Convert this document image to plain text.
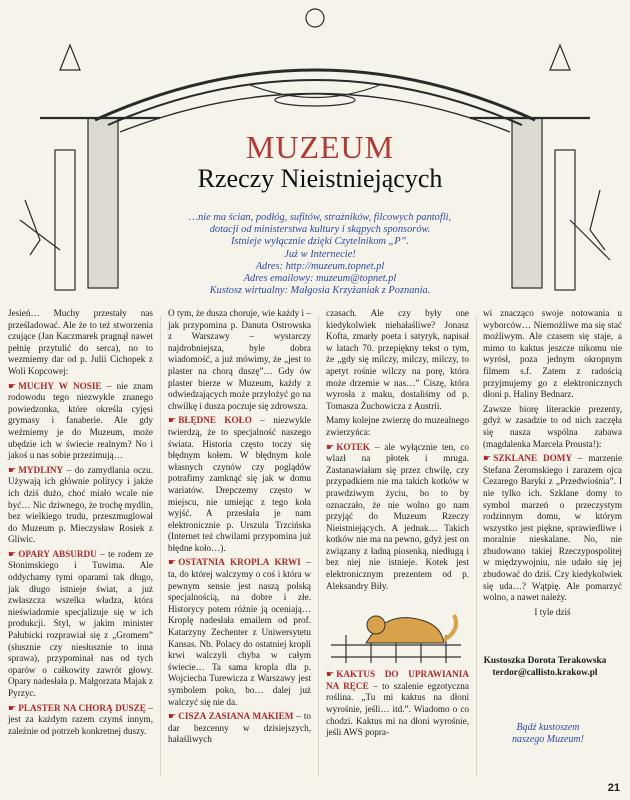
MUZEUM
Rzeczy Nieistniejących
…nie ma ścian, podłóg, sufitów, strażników, filcowych pantofli,
dotacji od ministerstwa kultury i skąpych sponsorów.
Istnieje wyłącznie dzięki Czytelnikom „P”.
Już w Internecie!
Adres: http://muzeum.topnet.pl
Adres emailowy: muzeum@topnet.pl
Kustosz wirtualny: Małgosia Krzyżaniak z Poznania.

Jesień… Muchy przestały nas prześladować. Ale że to też stworzenia czujące (Jan Kaczmarek pragnął nawet pełnię przytulić do serca), no to wezmiemy dar od p. Julii Cichopek z Woli Kopcowej:

☛ MUCHY W NOSIE – nie znam rodowodu tego niezwykle znanego powiedzonka, które określa cyjęsi grymasy i fanaberie. Ale gdy weźmiemy je do Muzeum, może ubędzie ich w świecie realnym? No i jakoś u nas sobie przezimują…

☛ MYDLINY – do zamydlania oczu. Używają ich głównie politycy i jakże ich dziś dużo, choć miało wcale nie być… Nic dziwnego, że trochę mydlin, bez wielkiego trudu, przeszmuglował do Muzeum p. Mieczysław Rosiek z Gliwic.

☛ OPARY ABSURDU – te rodem ze Słonimskiego i Tuwima. Ale oddychamy tymi oparami tak długo, jak długo istnieje świat, a już zwłaszcza wszelka władza, która nieświadomie specjalizuje się w ich produkcji. Styl, w jakim minister Pałubicki rozprawiał się z „Gromem” (słusznie czy niesłusznie to inna sprawa), przypominał nas od tych oparów o całkowity zawrót głowy. Opary nadesłała p. Małgorzata Majak z Pyrzyc.

☛ PLASTER NA CHORĄ DUSZĘ – jest za każdym razem czymś innym, zależnie od potrzeb konkretnej duszy.

O tym, że dusza choruje, wie każdy i – jak przypomina p. Danuta Ostrowska z Warszawy – wystarczy najdrobniejsza, byle dobra wiadomość, a już mówimy, że „jest to plaster na chorą duszę”… Gdy ów plaster bierze w Muzeum, każdy z odwiedzających może przyłożyć go na chwilkę i dusza poczuje się zdrowsza.

☛ BŁĘDNE KOŁO – niezwykle twierdzą, że to specjalność naszego świata. Historia często toczy się błędnym kołem. W błędnym kole własnych czynów czy poglądów potrafimy zamknąć się jak w domu wariatów. Drepczemy często w miejscu, nie umiejąc z tego koła wyjść. A przesłała je nam elektronicznie p. Urszula Trzcińska (Internet też chwilami przypomina już błędne koło…).

☛ OSTATNIA KROPLA KRWI – ta, do której walczymy o coś i która w pewnym sensie jest naszą polską specjalnością, na dobre i złe. Historycy potem różnie ją oceniają… Kroplę nadesłała emailem od prof. Katarzyny Zechenter z Uniwersytetu Kansas. Nb. Polacy do ostatniej kropli krwi walczyli chyba w całym świecie… Ta sama kropla dla p. Wojciecha Turewicza z Warszawy jest symbolem poko, bo… dalej już walczyć się nie da.

☛ CISZA ZASIANA MAKIEM – to dar bezcenny w dzisiejszych, hałaśliwych

czasach. Ale czy były one kiedykolwiek niehałaśliwe? Jonasz Kofta, zmarły poeta i satyryk, napisał w latach 70. przepiękny tekst o tym, że „gdy się milczy, milczy, milczy, to apetyt rośnie wilczy na porę, która może drzemie w nas…” Ciszę, która wyrosła z maku, dostaliśmy od p. Tomasza Żuchowicza z Austrii.

Mamy kolejne zwierzę do muzealnego zwierzyńca:

☛ KOTEK – ale wyłącznie ten, co wlazł na płotek i mruga. Zastanawiałam się przez chwilę, czy przypadkiem nie ma takich kotków w prawdziwym życiu, bo to by oznaczało, że nie wolno go nam przyjąć do Muzeum Rzeczy Nieistniejących. A jednak… Takich kotków nie ma na pewno, gdyż jest on związany z ładną piosenką, niedługą i bez niej nie istnieje. Kotek jest elektronicznym prezentem od p. Aleksandry Biły.

☛ KAKTUS DO UPRAWIANIA NA RĘCE – to szalenie egzotyczna roślina. „Tu mi kaktus na dłoni wyrośnie, jeśli… itd.”. Wiadomo o co chodzi. Kaktus mi na dłoni wyrośnie, jeśli AWS popra-

wi znacząco swoje notowania u wyborców… Niemożliwe ma się stać możliwym. Ale czasem się staje, a mimo to kaktus jeszcze nikomu nie wyrósł, poza jednym okropnym filmem s.f. Zatem z radością przyjmujemy go z elektronicznych dłoni p. Haliny Bednarz.

Zawsze biorę literackie prezenty, gdyż w zasadzie to od nich zaczęła się nasza wspólna zabawa (magdalenka Marcela Prousta!):

☛ SZKLANE DOMY – marzenie Stefana Żeromskiego i zarazem ojca Cezarego Baryki z „Przedwiośnia”. I nie tylko ich. Szklane domy to symbol marzeń o przeczystym rodzinnym domu, w którym wszystko jest piękne, sprawiedliwe i moralnie nieskalane. No, nie zbudowano takiej Rzeczypospolitej w międzywojniu, nie udało się jej zbudować do dziś. Czy kiedykolwiek się uda…? Wątpię. Ale pomarzyć wolno, a nawet należy.

I tyle dziś

Kustoszka Dorota Terakowska
terdor@callisto.krakow.pl
Bądź kustoszem
naszego Muzeum!
21
